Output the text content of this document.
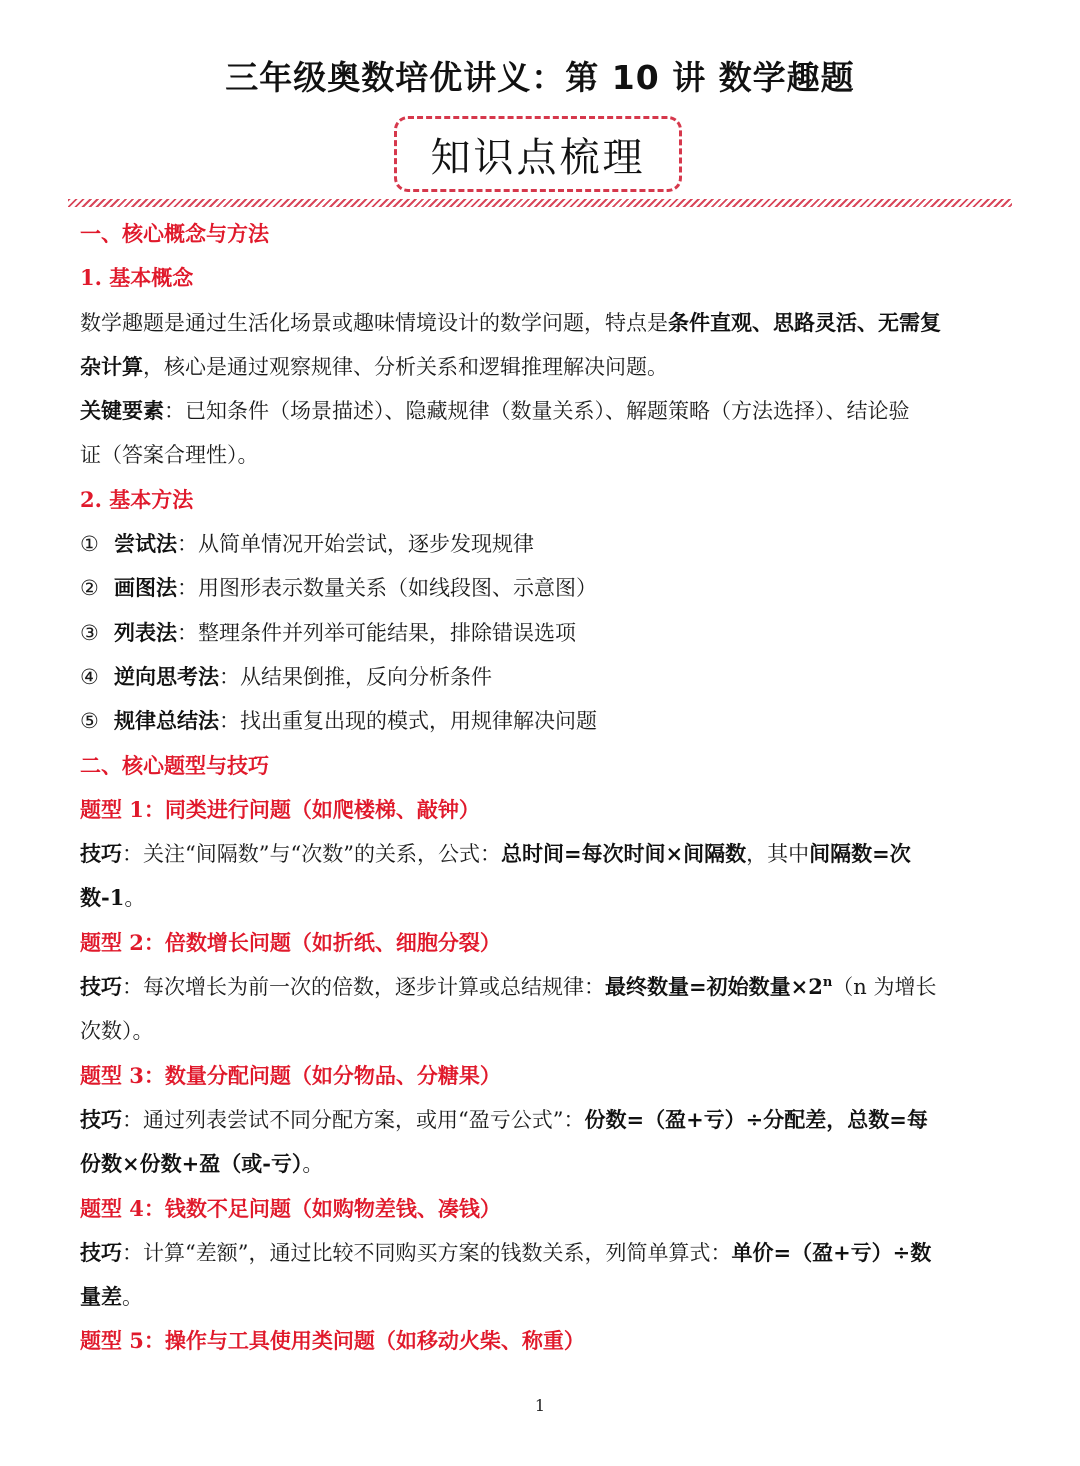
三年级奥数培优讲义：第 10 讲 数学趣题
知识点梳理
一、核心概念与方法
1. 基本概念
数学趣题是通过生活化场景或趣味情境设计的数学问题，特点是条件直观、思路灵活、无需复
杂计算，核心是通过观察规律、分析关系和逻辑推理解决问题。
关键要素：已知条件（场景描述）、隐藏规律（数量关系）、解题策略（方法选择）、结论验
证（答案合理性）。
2. 基本方法
① 尝试法：从简单情况开始尝试，逐步发现规律
② 画图法：用图形表示数量关系（如线段图、示意图）
③ 列表法：整理条件并列举可能结果，排除错误选项
④ 逆向思考法：从结果倒推，反向分析条件
⑤ 规律总结法：找出重复出现的模式，用规律解决问题
二、核心题型与技巧
题型 1：同类进行问题（如爬楼梯、敲钟）
技巧：关注“间隔数”与“次数”的关系，公式：总时间=每次时间×间隔数，其中间隔数=次
数-1。
题型 2：倍数增长问题（如折纸、细胞分裂）
技巧：每次增长为前一次的倍数，逐步计算或总结规律：最终数量=初始数量$\times 2^n(n$ 为增长
次数）。
题型 3：数量分配问题（如分物品、分糖果）
技巧：通过列表尝试不同分配方案，或用“盈亏公式”：份数=（盈+亏）÷分配差，总数=每
份数×份数+盈（或-亏）。
题型 4：钱数不足问题（如购物差钱、凑钱）
技巧：计算“差额”，通过比较不同购买方案的钱数关系，列简单算式：单价=（盈+亏）÷数
量差。
题型 5：操作与工具使用类问题（如移动火柴、称重）
1
